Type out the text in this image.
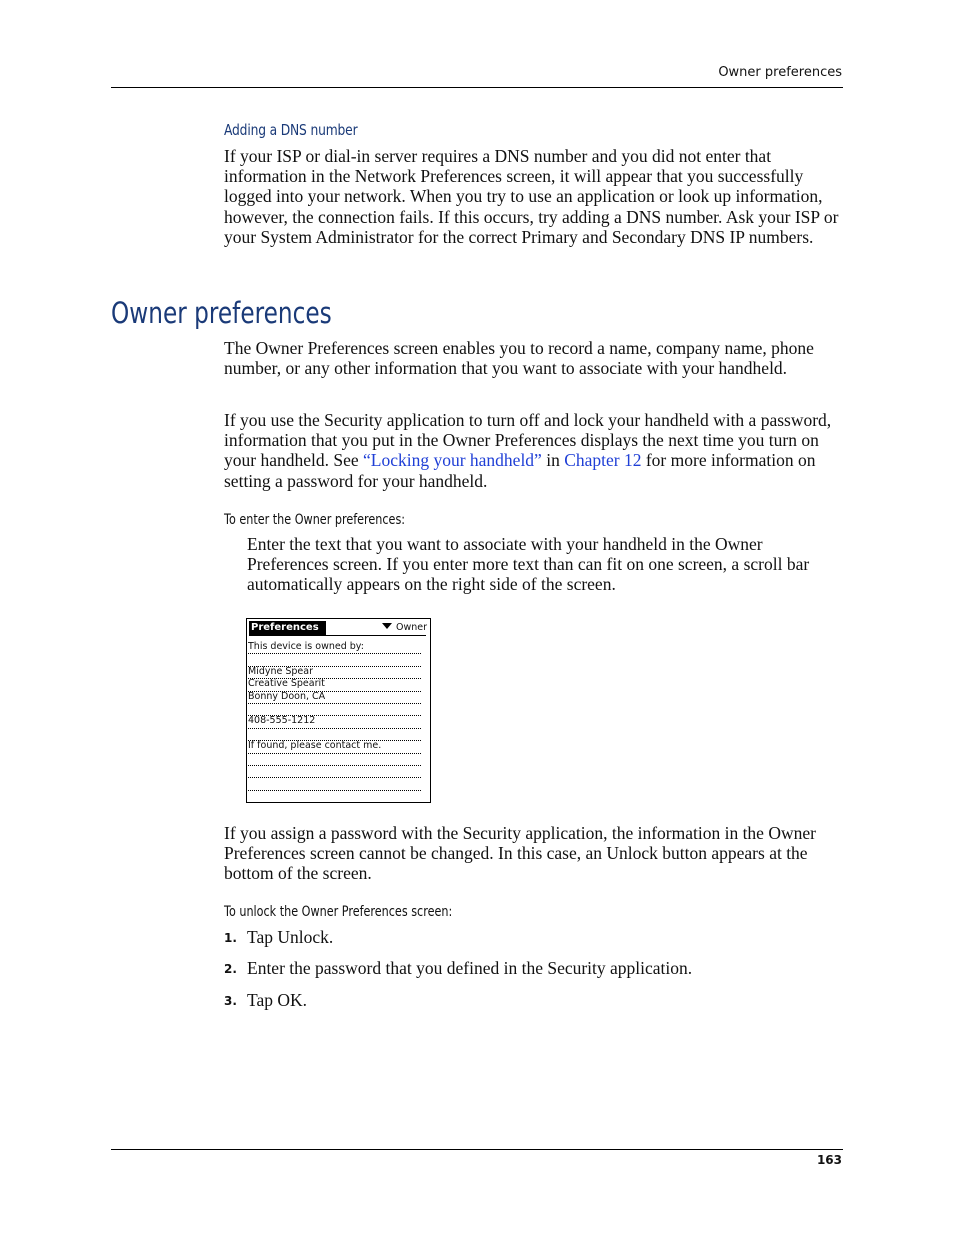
Owner preferences
Adding a DNS number

If your ISP or dial-in server requires a DNS number and you did not enter that information in the Network Preferences screen, it will appear that you successfully logged into your network. When you try to use an application or look up information, however, the connection fails. If this occurs, try adding a DNS number. Ask your ISP or your System Administrator for the correct Primary and Secondary DNS IP numbers.

Owner preferences

The Owner Preferences screen enables you to record a name, company name, phone number, or any other information that you want to associate with your handheld.

If you use the Security application to turn off and lock your handheld with a password, information that you put in the Owner Preferences displays the next time you turn on your handheld. See “Locking your handheld” in Chapter 12 for more information on setting a password for your handheld.

To enter the Owner preferences:

Enter the text that you want to associate with your handheld in the Owner Preferences screen. If you enter more text than can fit on one screen, a scroll bar automatically appears on the right side of the screen.

Preferences	Owner
This device is owned by:
Midyne Spear
Creative Spearit
Bonny Doon, CA
408-555-1212
If found, please contact me.

If you assign a password with the Security application, the information in the Owner Preferences screen cannot be changed. In this case, an Unlock button appears at the bottom of the screen.

To unlock the Owner Preferences screen:
1. Tap Unlock.
2. Enter the password that you defined in the Security application.
3. Tap OK.
163
